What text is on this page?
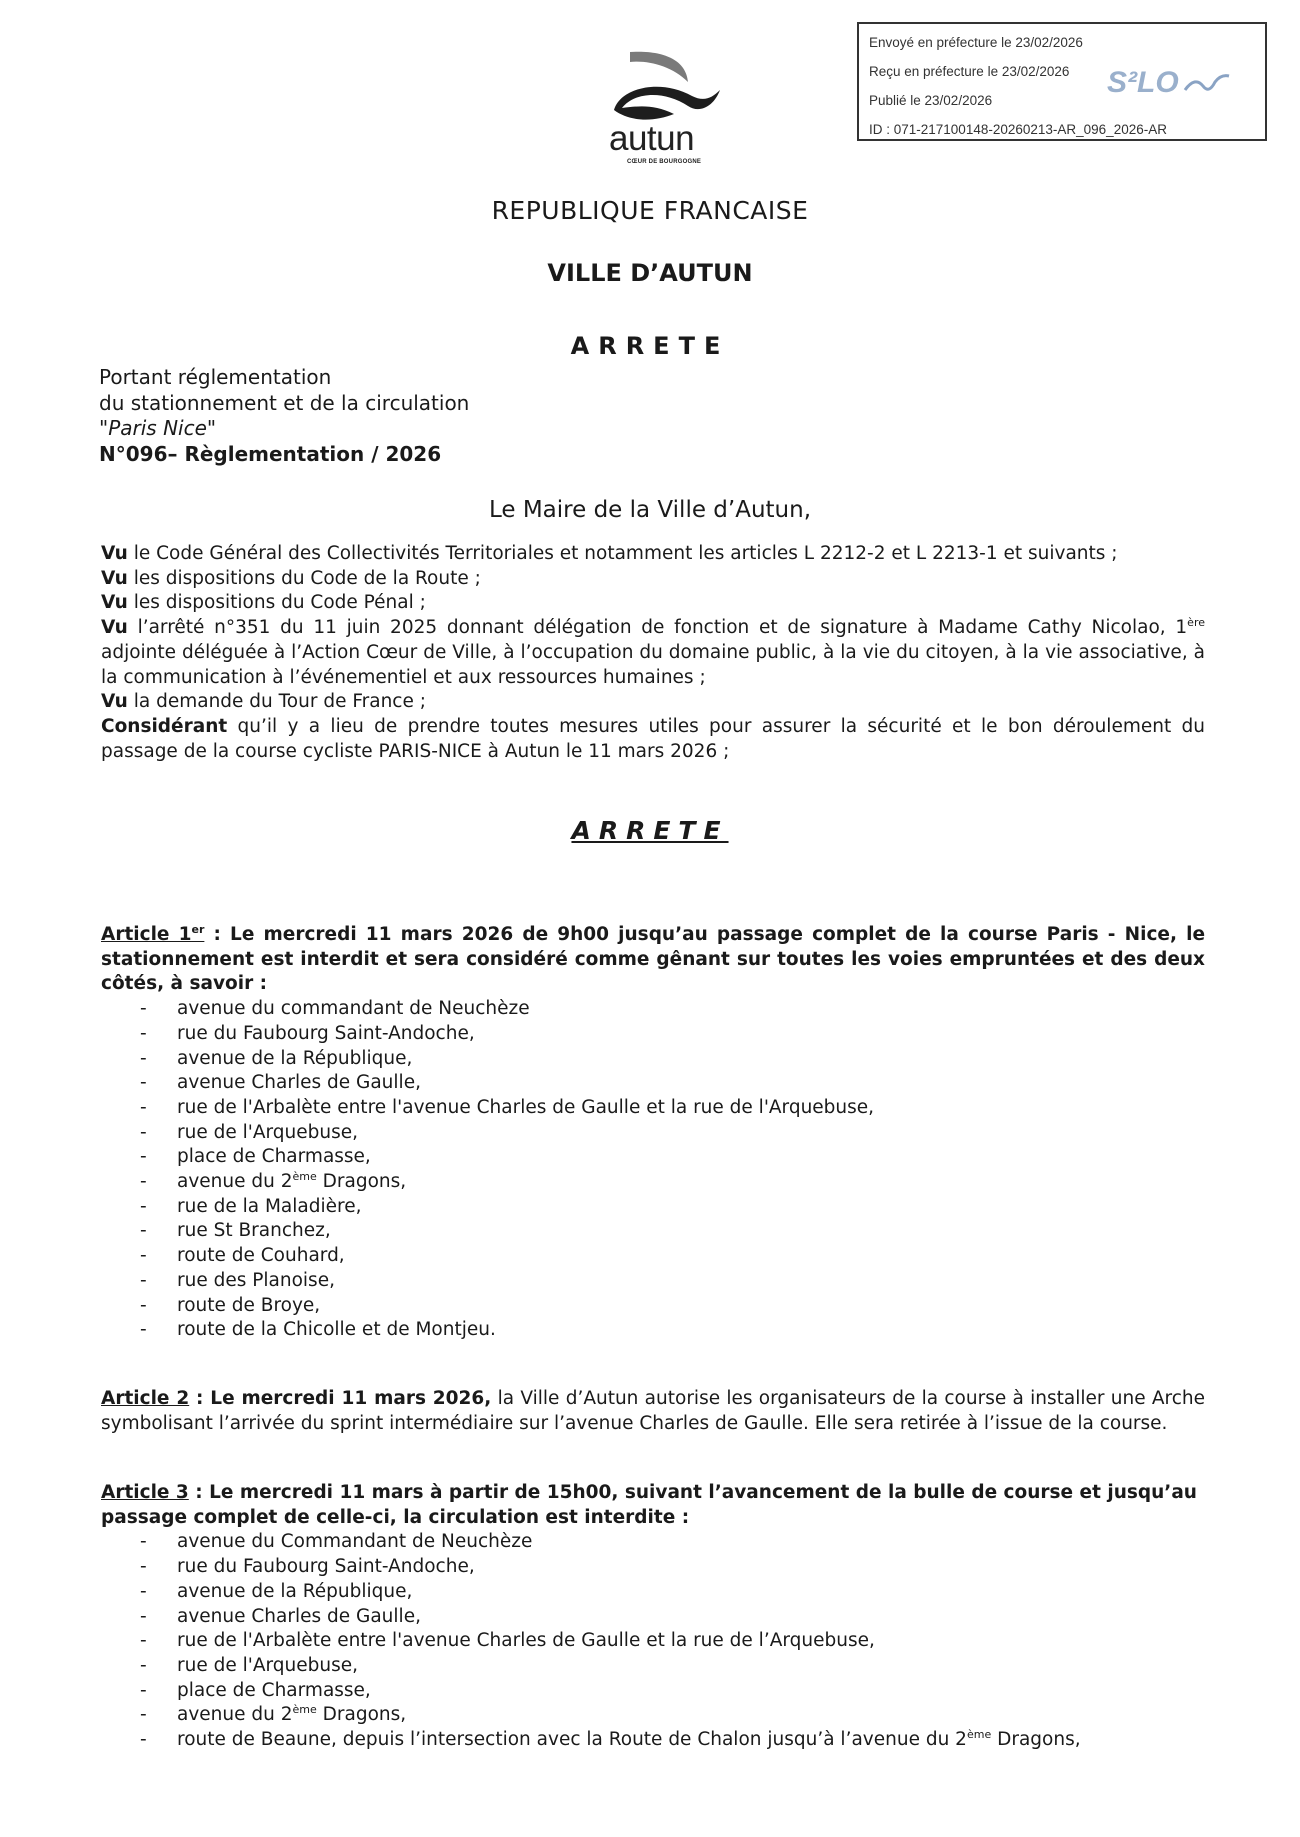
Envoyé en préfecture le 23/02/2026
Reçu en préfecture le 23/02/2026
Publié le 23/02/2026
ID : 071-217100148-20260213-AR_096_2026-AR
S²LO
autun
CŒUR DE BOURGOGNE
REPUBLIQUE FRANCAISE
VILLE D’AUTUN
ARRETE
Portant réglementation
du stationnement et de la circulation
"Paris Nice"
N°096– Règlementation / 2026
Le Maire de la Ville d’Autun,

Vu le Code Général des Collectivités Territoriales et notamment les articles L 2212-2 et L 2213-1 et suivants ;

Vu les dispositions du Code de la Route ;

Vu les dispositions du Code Pénal ;

Vu l’arrêté n°351 du 11 juin 2025 donnant délégation de fonction et de signature à Madame Cathy Nicolao, 1ère adjointe déléguée à l’Action Cœur de Ville, à l’occupation du domaine public, à la vie du citoyen, à la vie associative, à la communication à l’événementiel et aux ressources humaines ;

Vu la demande du Tour de France ;

Considérant qu’il y a lieu de prendre toutes mesures utiles pour assurer la sécurité et le bon déroulement du passage de la course cycliste PARIS-NICE à Autun le 11 mars 2026 ;

ARRETE

Article 1er : Le mercredi 11 mars 2026 de 9h00 jusqu’au passage complet de la course Paris - Nice, le stationnement est interdit et sera considéré comme gênant sur toutes les voies empruntées et des deux côtés, à savoir :

- avenue du commandant de Neuchèze
- rue du Faubourg Saint-Andoche,
- avenue de la République,
- avenue Charles de Gaulle,
- rue de l'Arbalète entre l'avenue Charles de Gaulle et la rue de l'Arquebuse,
- rue de l'Arquebuse,
- place de Charmasse,
- avenue du 2ème Dragons,
- rue de la Maladière,
- rue St Branchez,
- route de Couhard,
- rue des Planoise,
- route de Broye,
- route de la Chicolle et de Montjeu.

Article 2 : Le mercredi 11 mars 2026, la Ville d’Autun autorise les organisateurs de la course à installer une Arche symbolisant l’arrivée du sprint intermédiaire sur l’avenue Charles de Gaulle. Elle sera retirée à l’issue de la course.

Article 3 : Le mercredi 11 mars à partir de 15h00, suivant l’avancement de la bulle de course et jusqu’au passage complet de celle-ci, la circulation est interdite :

- avenue du Commandant de Neuchèze
- rue du Faubourg Saint-Andoche,
- avenue de la République,
- avenue Charles de Gaulle,
- rue de l'Arbalète entre l'avenue Charles de Gaulle et la rue de l’Arquebuse,
- rue de l'Arquebuse,
- place de Charmasse,
- avenue du 2ème Dragons,
- route de Beaune, depuis l’intersection avec la Route de Chalon jusqu’à l’avenue du 2ème Dragons,
